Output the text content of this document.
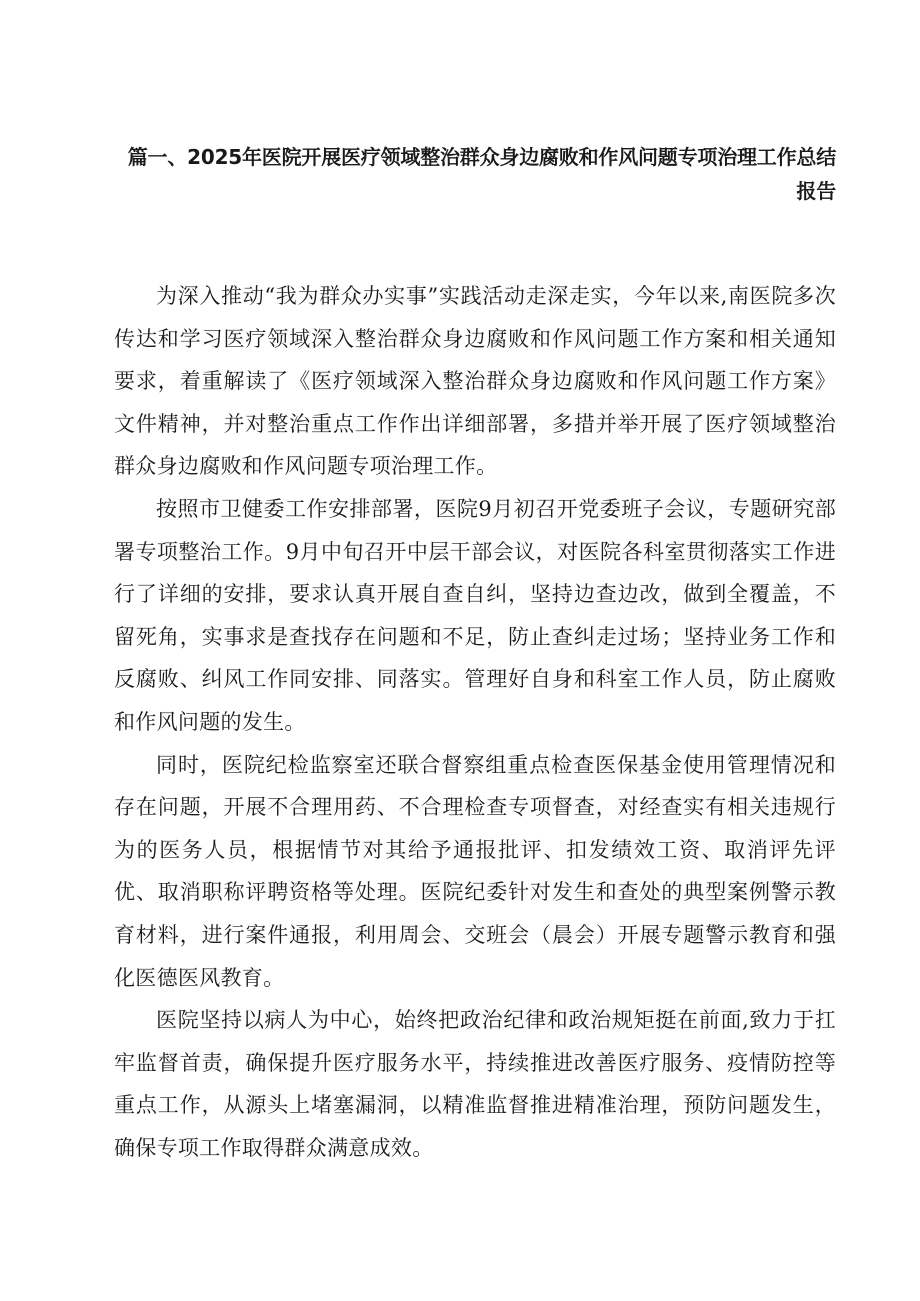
篇一、2025年医院开展医疗领域整治群众身边腐败和作风问题专项治理工作总结
报告

为深入推动“我为群众办实事”实践活动走深走实，今年以来,南医院多次传达和学习医疗领域深入整治群众身边腐败和作风问题工作方案和相关通知要求，着重解读了《医疗领域深入整治群众身边腐败和作风问题工作方案》文件精神，并对整治重点工作作出详细部署，多措并举开展了医疗领域整治群众身边腐败和作风问题专项治理工作。

按照市卫健委工作安排部署，医院9月初召开党委班子会议，专题研究部署专项整治工作。9月中旬召开中层干部会议，对医院各科室贯彻落实工作进行了详细的安排，要求认真开展自查自纠，坚持边查边改，做到全覆盖，不留死角，实事求是查找存在问题和不足，防止查纠走过场；坚持业务工作和反腐败、纠风工作同安排、同落实。管理好自身和科室工作人员，防止腐败和作风问题的发生。

同时，医院纪检监察室还联合督察组重点检查医保基金使用管理情况和存在问题，开展不合理用药、不合理检查专项督查，对经查实有相关违规行为的医务人员，根据情节对其给予通报批评、扣发绩效工资、取消评先评优、取消职称评聘资格等处理。医院纪委针对发生和查处的典型案例警示教育材料，进行案件通报，利用周会、交班会（晨会）开展专题警示教育和强化医德医风教育。

医院坚持以病人为中心，始终把政治纪律和政治规矩挺在前面,致力于扛牢监督首责，确保提升医疗服务水平，持续推进改善医疗服务、疫情防控等重点工作，从源头上堵塞漏洞，以精准监督推进精准治理，预防问题发生，确保专项工作取得群众满意成效。
